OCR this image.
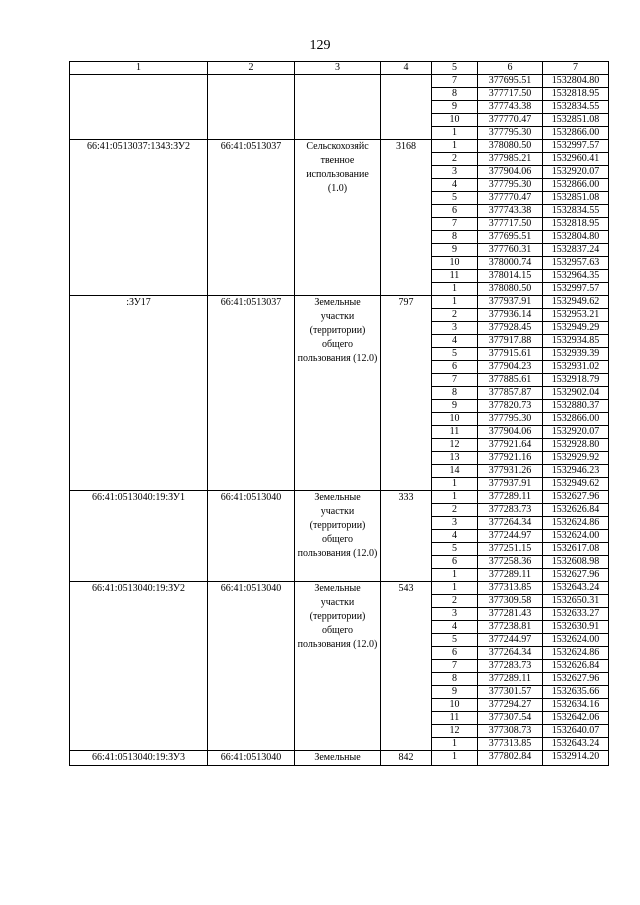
129
1	2	3	4	5	6	7
				7	377695.51	1532804.80
				8	377717.50	1532818.95
				9	377743.38	1532834.55
				10	377770.47	1532851.08
				1	377795.30	1532866.00
66:41:0513037:1343:ЗУ2	66:41:0513037	Сельскохозяйс твенное использование (1.0)	3168	1	378080.50	1532997.57
				2	377985.21	1532960.41
				3	377904.06	1532920.07
				4	377795.30	1532866.00
				5	377770.47	1532851.08
				6	377743.38	1532834.55
				7	377717.50	1532818.95
				8	377695.51	1532804.80
				9	377760.31	1532837.24
				10	378000.74	1532957.63
				11	378014.15	1532964.35
				1	378080.50	1532997.57
:ЗУ17	66:41:0513037	Земельные участки (территории) общего пользования (12.0)	797	1	377937.91	1532949.62
				2	377936.14	1532953.21
				3	377928.45	1532949.29
				4	377917.88	1532934.85
				5	377915.61	1532939.39
				6	377904.23	1532931.02
				7	377885.61	1532918.79
				8	377857.87	1532902.04
				9	377820.73	1532880.37
				10	377795.30	1532866.00
				11	377904.06	1532920.07
				12	377921.64	1532928.80
				13	377921.16	1532929.92
				14	377931.26	1532946.23
				1	377937.91	1532949.62
66:41:0513040:19:ЗУ1	66:41:0513040	Земельные участки (территории) общего пользования (12.0)	333	1	377289.11	1532627.96
				2	377283.73	1532626.84
				3	377264.34	1532624.86
				4	377244.97	1532624.00
				5	377251.15	1532617.08
				6	377258.36	1532608.98
				1	377289.11	1532627.96
66:41:0513040:19:ЗУ2	66:41:0513040	Земельные участки (территории) общего пользования (12.0)	543	1	377313.85	1532643.24
				2	377309.58	1532650.31
				3	377281.43	1532633.27
				4	377238.81	1532630.91
				5	377244.97	1532624.00
				6	377264.34	1532624.86
				7	377283.73	1532626.84
				8	377289.11	1532627.96
				9	377301.57	1532635.66
				10	377294.27	1532634.16
				11	377307.54	1532642.06
				12	377308.73	1532640.07
				1	377313.85	1532643.24
66:41:0513040:19:ЗУ3	66:41:0513040	Земельные	842	1	377802.84	1532914.20
